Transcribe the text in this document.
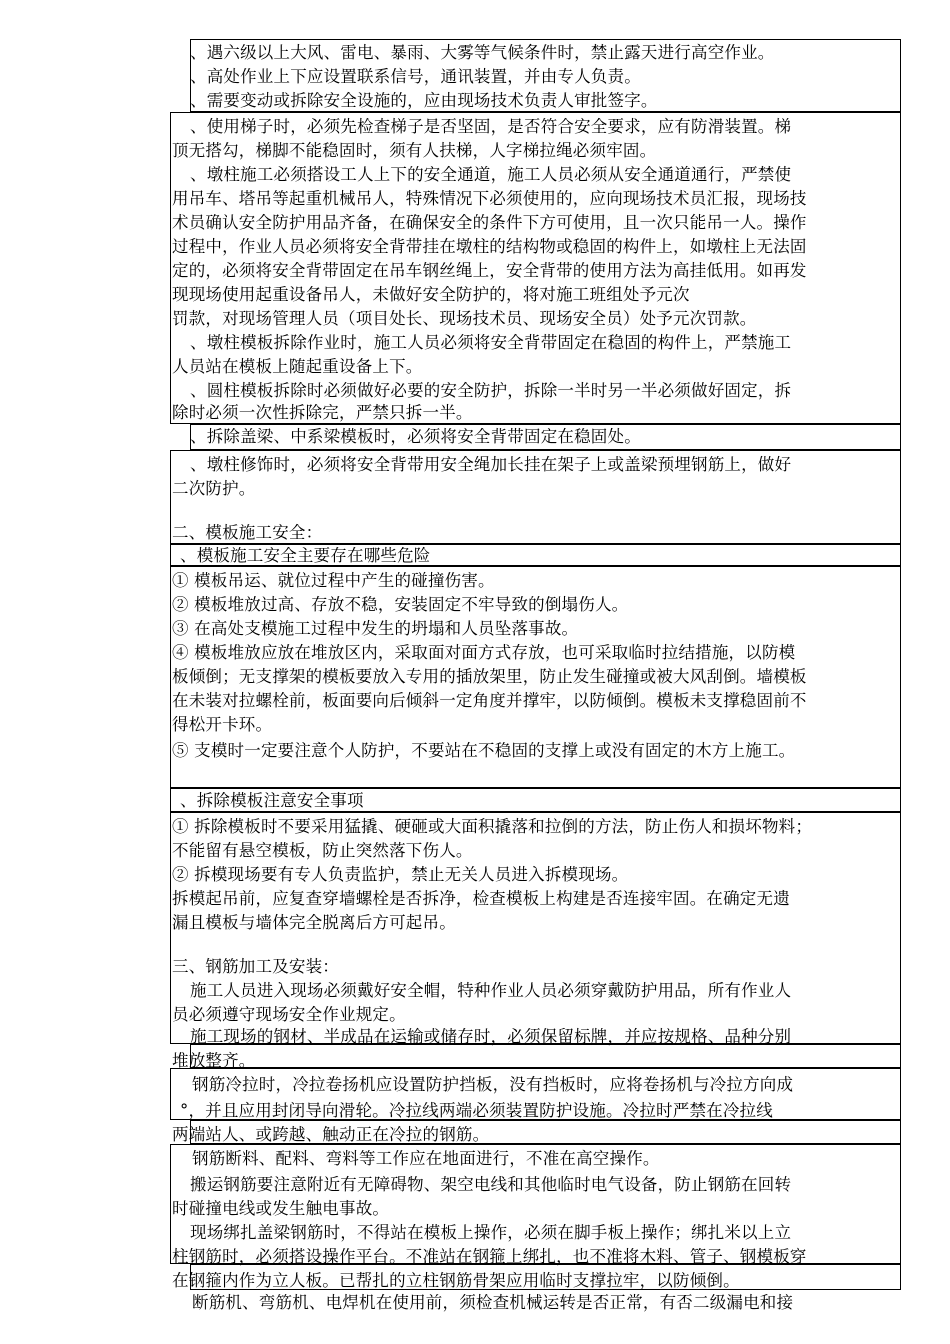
、遇六级以上大风、雷电、暴雨、大雾等气候条件时，禁止露天进行高空作业。
、高处作业上下应设置联系信号，通讯装置，并由专人负责。
、需要变动或拆除安全设施的，应由现场技术负责人审批签字。
、使用梯子时，必须先检查梯子是否坚固，是否符合安全要求，应有防滑装置。梯
顶无搭勾，梯脚不能稳固时，须有人扶梯，人字梯拉绳必须牢固。
、墩柱施工必须搭设工人上下的安全通道，施工人员必须从安全通道通行，严禁使
用吊车、塔吊等起重机械吊人，特殊情况下必须使用的，应向现场技术员汇报，现场技
术员确认安全防护用品齐备，在确保安全的条件下方可使用，且一次只能吊一人。操作
过程中，作业人员必须将安全背带挂在墩柱的结构物或稳固的构件上，如墩柱上无法固
定的，必须将安全背带固定在吊车钢丝绳上，安全背带的使用方法为高挂低用。如再发
现现场使用起重设备吊人，未做好安全防护的，将对施工班组处予元次
罚款，对现场管理人员（项目处长、现场技术员、现场安全员）处予元次罚款。
、墩柱模板拆除作业时，施工人员必须将安全背带固定在稳固的构件上，严禁施工
人员站在模板上随起重设备上下。
、圆柱模板拆除时必须做好必要的安全防护，拆除一半时另一半必须做好固定，拆
除时必须一次性拆除完，严禁只拆一半。
、拆除盖梁、中系梁模板时，必须将安全背带固定在稳固处。
、墩柱修饰时，必须将安全背带用安全绳加长挂在架子上或盖梁预埋钢筋上，做好
二次防护。
二、模板施工安全：
、模板施工安全主要存在哪些危险
① 模板吊运、就位过程中产生的碰撞伤害。
② 模板堆放过高、存放不稳，安装固定不牢导致的倒塌伤人。
③ 在高处支模施工过程中发生的坍塌和人员坠落事故。
④ 模板堆放应放在堆放区内，采取面对面方式存放，也可采取临时拉结措施，以防模
板倾倒；无支撑架的模板要放入专用的插放架里，防止发生碰撞或被大风刮倒。墙模板
在未装对拉螺栓前，板面要向后倾斜一定角度并撑牢，以防倾倒。模板未支撑稳固前不
得松开卡环。
⑤ 支模时一定要注意个人防护，不要站在不稳固的支撑上或没有固定的木方上施工。
、拆除模板注意安全事项
① 拆除模板时不要采用猛撬、硬砸或大面积撬落和拉倒的方法，防止伤人和损坏物料；
不能留有悬空模板，防止突然落下伤人。
② 拆模现场要有专人负责监护，禁止无关人员进入拆模现场。
拆模起吊前，应复查穿墙螺栓是否拆净，检查模板上构建是否连接牢固。在确定无遗
漏且模板与墙体完全脱离后方可起吊。
三、钢筋加工及安装：
施工人员进入现场必须戴好安全帽，特种作业人员必须穿戴防护用品，所有作业人
员必须遵守现场安全作业规定。
施工现场的钢材、半成品在运输或储存时，必须保留标牌，并应按规格、品种分别
堆放整齐。
钢筋冷拉时，冷拉卷扬机应设置防护挡板，没有挡板时，应将卷扬机与冷拉方向成
°，并且应用封闭导向滑轮。冷拉线两端必须装置防护设施。冷拉时严禁在冷拉线
两端站人、或跨越、触动正在冷拉的钢筋。
钢筋断料、配料、弯料等工作应在地面进行，不准在高空操作。
搬运钢筋要注意附近有无障碍物、架空电线和其他临时电气设备，防止钢筋在回转
时碰撞电线或发生触电事故。
现场绑扎盖梁钢筋时，不得站在模板上操作，必须在脚手板上操作；绑扎米以上立
柱钢筋时，必须搭设操作平台。不准站在钢箍上绑扎，也不准将木料、管子、钢模板穿
在钢箍内作为立人板。已帮扎的立柱钢筋骨架应用临时支撑拉牢，以防倾倒。
断筋机、弯筋机、电焊机在使用前，须检查机械运转是否正常，有否二级漏电和接
